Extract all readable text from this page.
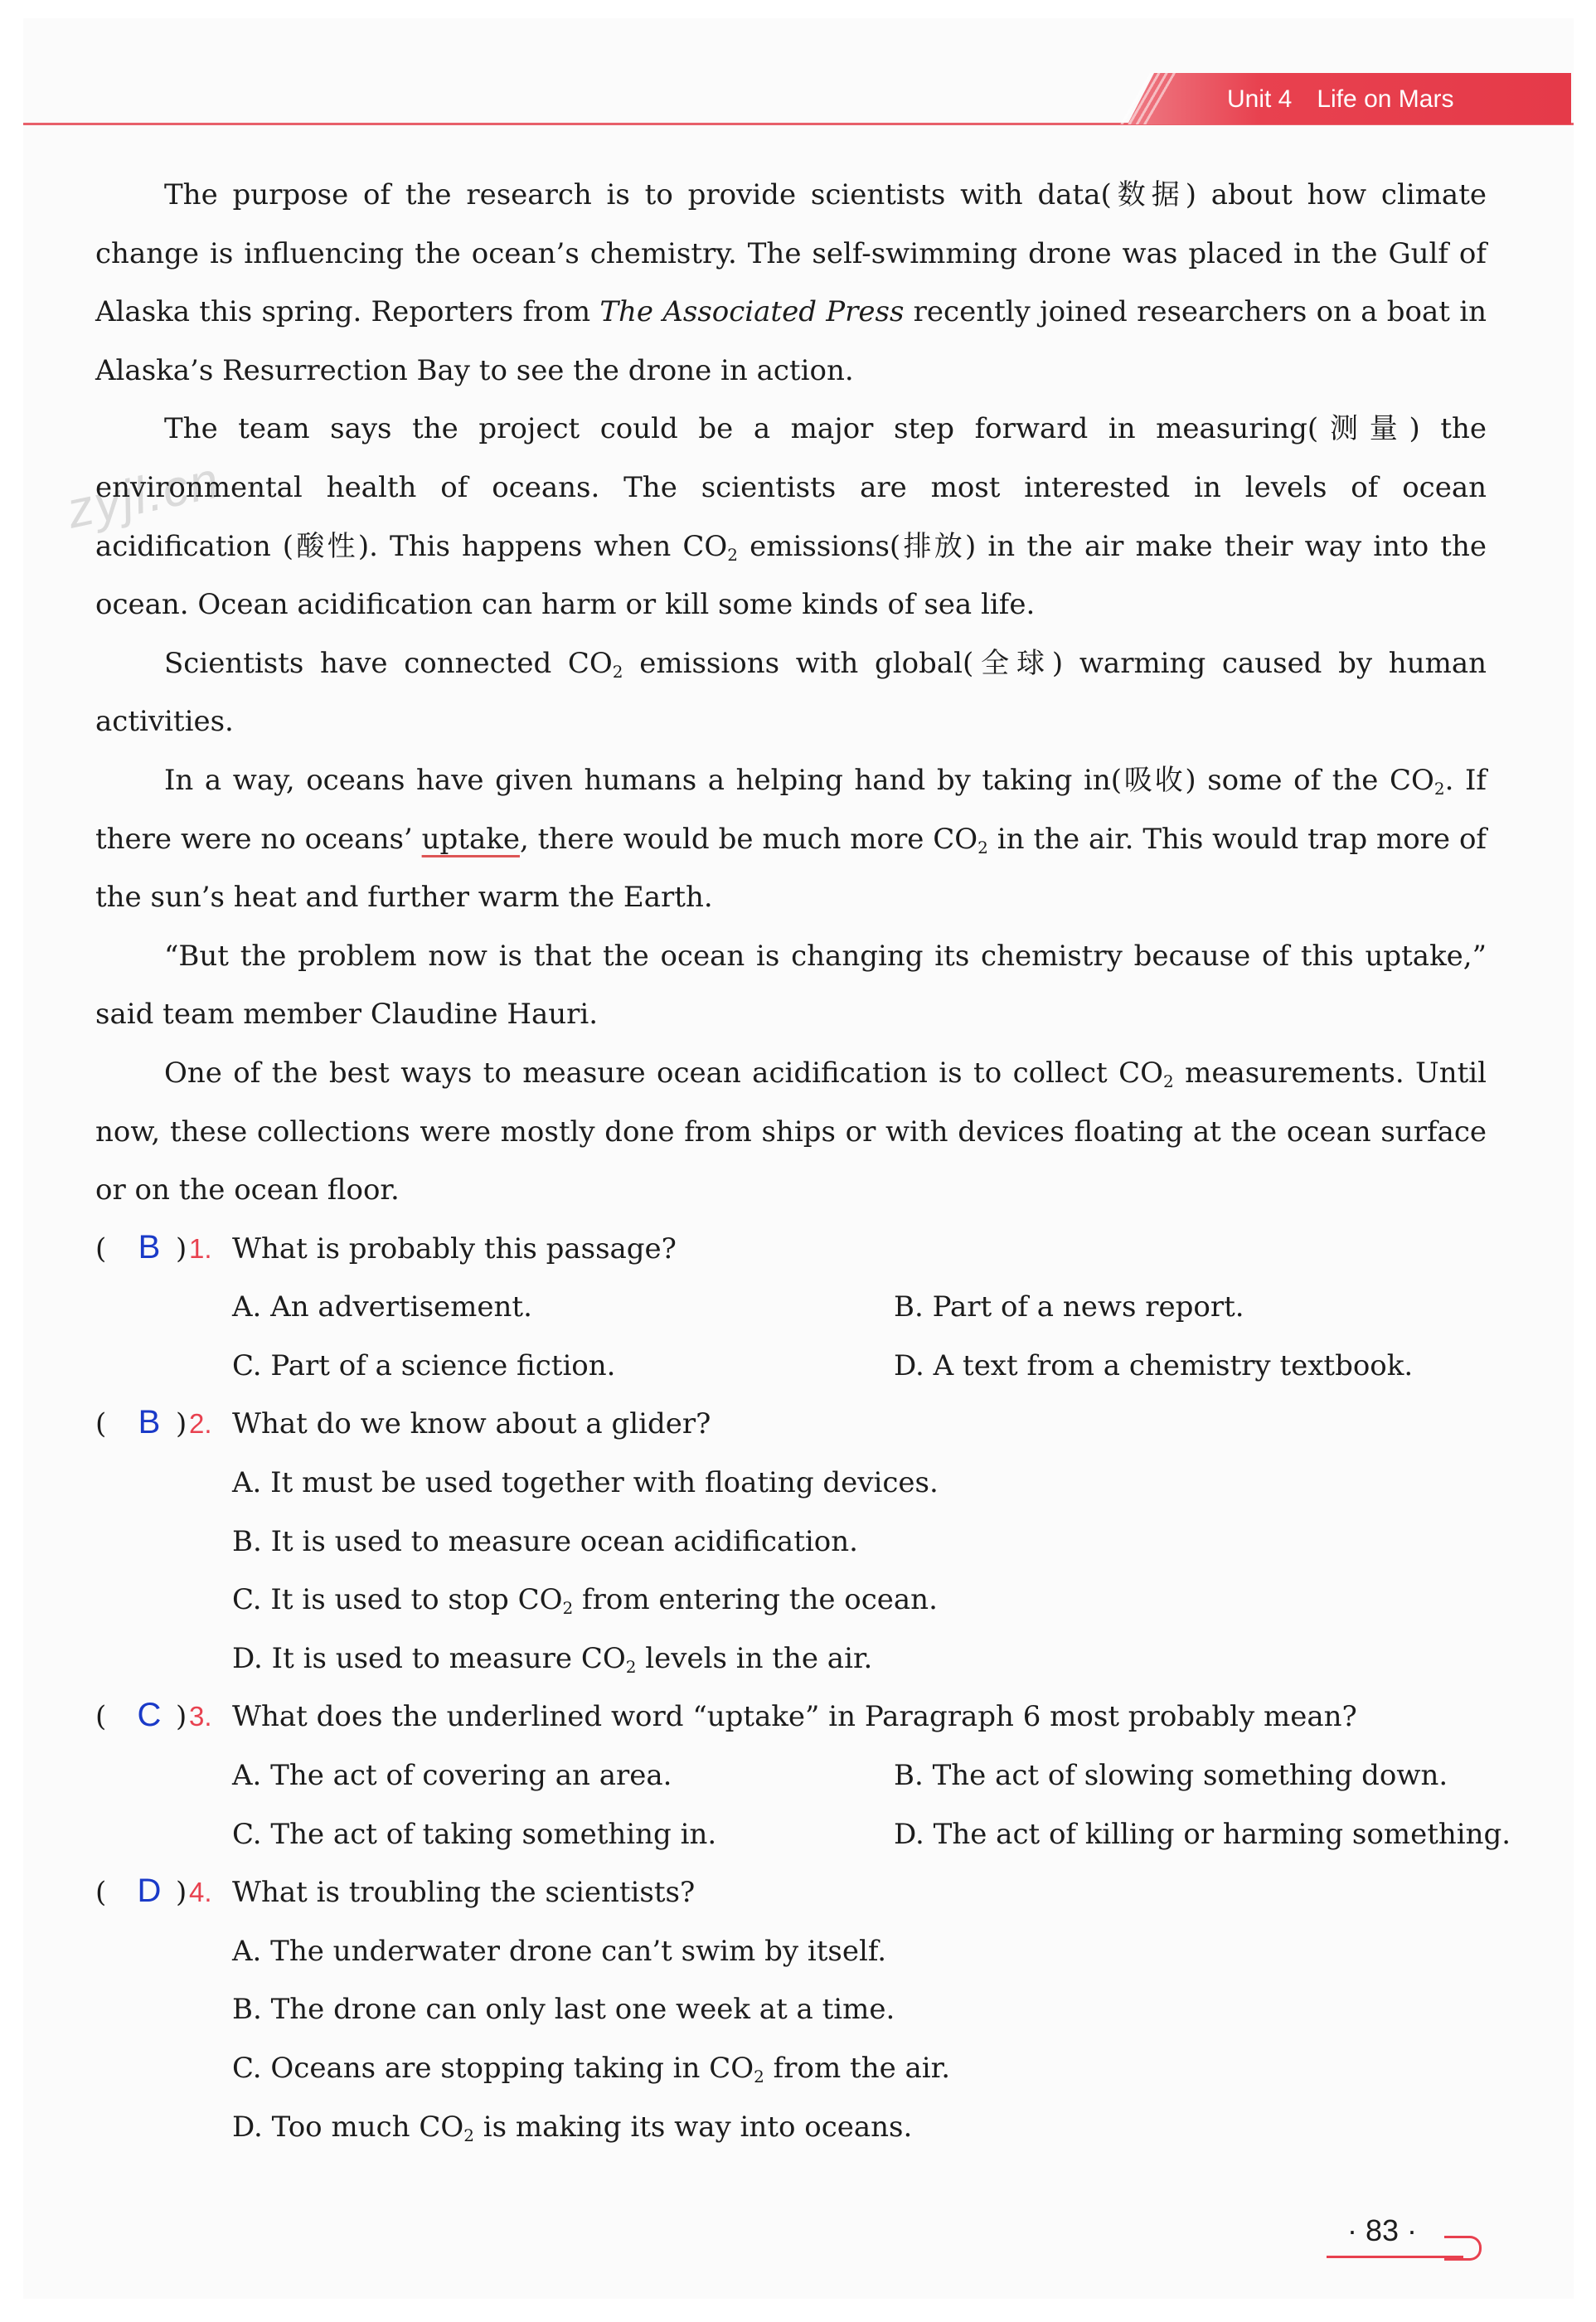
Unit 4 Life on Mars
zyjl.cn

The purpose of the research is to provide scientists with data(数据) about how climate change is influencing the ocean’s chemistry. The self-swimming drone was placed in the Gulf of Alaska this spring. Reporters from The Associated Press recently joined researchers on a boat in Alaska’s Resurrection Bay to see the drone in action.

The team says the project could be a major step forward in measuring(测量) the environmental health of oceans. The scientists are most interested in levels of ocean acidification (酸性). This happens when $CO_2$ emissions(排放) in the air make their way into the ocean. Ocean acidification can harm or kill some kinds of sea life.

Scientists have connected $CO_2$ emissions with global(全球) warming caused by human activities.

In a way, oceans have given humans a helping hand by taking in(吸收) some of the $CO_2$. If there were no oceans’ uptake, there would be much more $CO_2$ in the air. This would trap more of the sun’s heat and further warm the Earth.

“But the problem now is that the ocean is changing its chemistry because of this uptake,” said team member Claudine Hauri.

One of the best ways to measure ocean acidification is to collect $CO_2$ measurements. Until now, these collections were mostly done from ships or with devices floating at the ocean surface or on the ocean floor.

( B ) 1. What is probably this passage?
A. An advertisement.	B. Part of a news report.
C. Part of a science fiction.	D. A text from a chemistry textbook.
( B ) 2. What do we know about a glider?
A. It must be used together with floating devices.
B. It is used to measure ocean acidification.
C. It is used to stop $CO_2$ from entering the ocean.
D. It is used to measure $CO_2$ levels in the air.
( C ) 3. What does the underlined word “uptake” in Paragraph 6 most probably mean?
A. The act of covering an area.	B. The act of slowing something down.
C. The act of taking something in.	D. The act of killing or harming something.
( D ) 4. What is troubling the scientists?
A. The underwater drone can’t swim by itself.
B. The drone can only last one week at a time.
C. Oceans are stopping taking in $CO_2$ from the air.
D. Too much $CO_2$ is making its way into oceans.
· 83 ·
